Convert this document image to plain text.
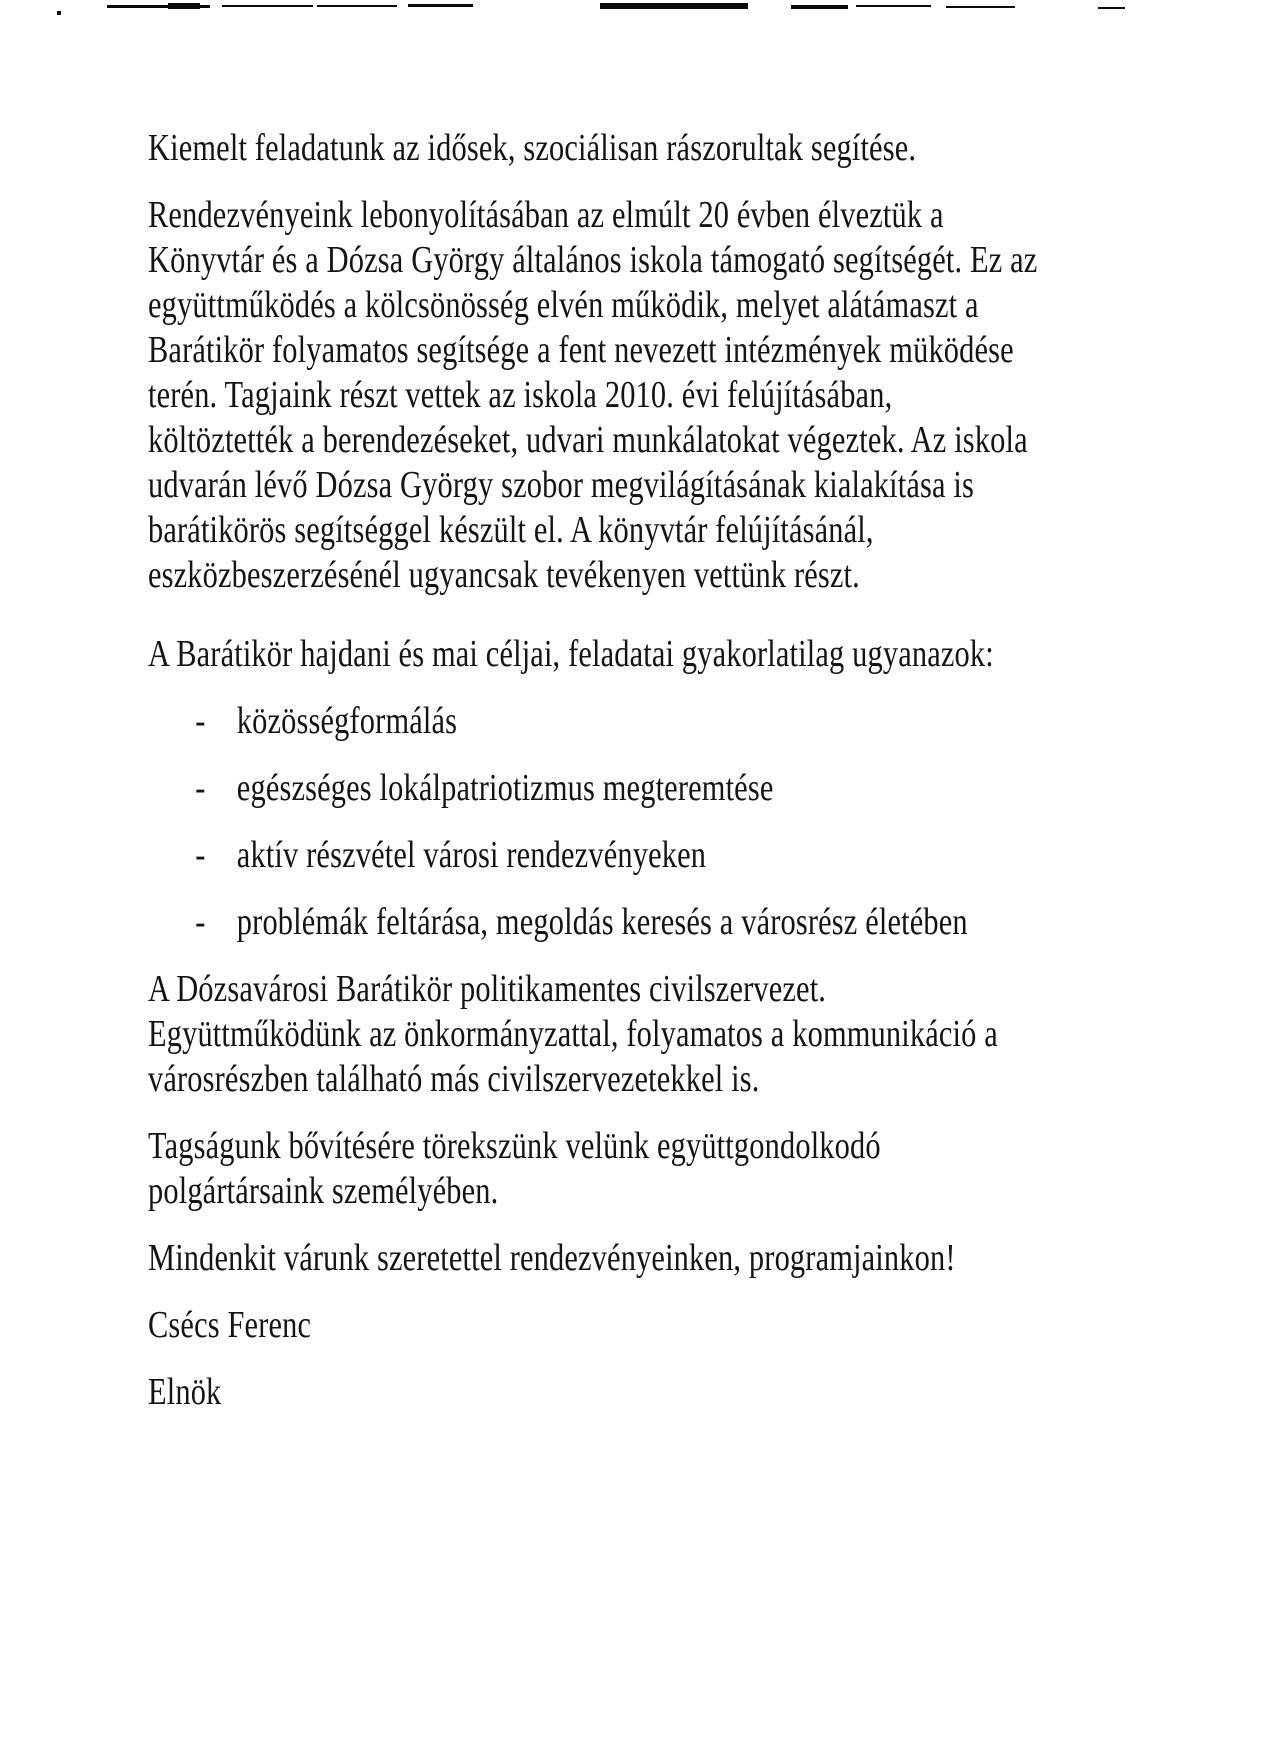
Kiemelt feladatunk az idősek, szociálisan rászorultak segítése.
Rendezvényeink lebonyolításában az elmúlt 20 évben élveztük a
Könyvtár és a Dózsa György általános iskola támogató segítségét. Ez az
együttműködés a kölcsönösség elvén működik, melyet alátámaszt a
Barátikör folyamatos segítsége a fent nevezett intézmények müködése
terén. Tagjaink részt vettek az iskola 2010. évi felújításában,
költöztették a berendezéseket, udvari munkálatokat végeztek. Az iskola
udvarán lévő Dózsa György szobor megvilágításának kialakítása is
barátikörös segítséggel készült el. A könyvtár felújításánál,
eszközbeszerzésénél ugyancsak tevékenyen vettünk részt.
A Barátikör hajdani és mai céljai, feladatai gyakorlatilag ugyanazok:
- közösségformálás
- egészséges lokálpatriotizmus megteremtése
- aktív részvétel városi rendezvényeken
- problémák feltárása, megoldás keresés a városrész életében
A Dózsavárosi Barátikör politikamentes civilszervezet.
Együttműködünk az önkormányzattal, folyamatos a kommunikáció a
városrészben található más civilszervezetekkel is.
Tagságunk bővítésére törekszünk velünk együttgondolkodó
polgártársaink személyében.
Mindenkit várunk szeretettel rendezvényeinken, programjainkon!
Csécs Ferenc
Elnök
